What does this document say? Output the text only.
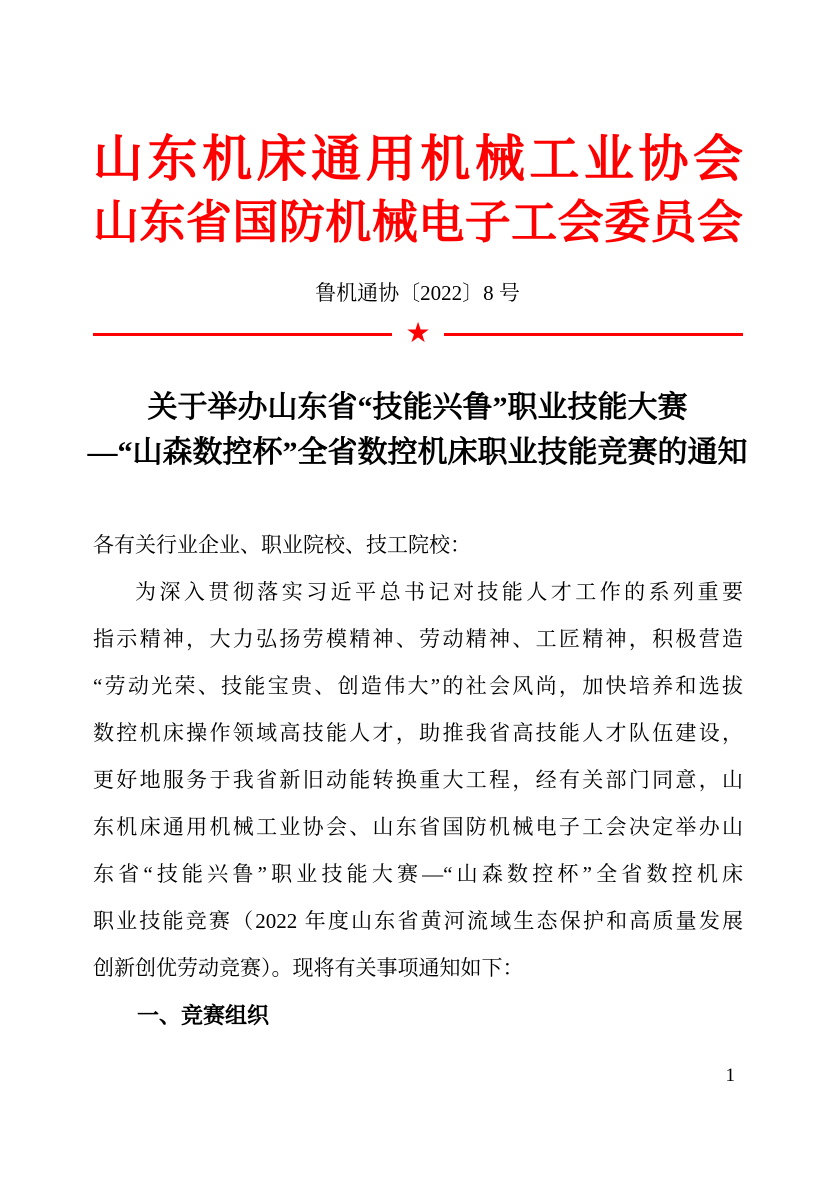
山东机床通用机械工业协会
山东省国防机械电子工会委员会
鲁机通协〔2022〕8 号
★
关于举办山东省“技能兴鲁”职业技能大赛
—“山森数控杯”全省数控机床职业技能竞赛的通知
各有关行业企业、职业院校、技工院校：
为深入贯彻落实习近平总书记对技能人才工作的系列重要
指示精神，大力弘扬劳模精神、劳动精神、工匠精神，积极营造
“劳动光荣、技能宝贵、创造伟大”的社会风尚，加快培养和选拔
数控机床操作领域高技能人才，助推我省高技能人才队伍建设，
更好地服务于我省新旧动能转换重大工程，经有关部门同意，山
东机床通用机械工业协会、山东省国防机械电子工会决定举办山
东省“技能兴鲁”职业技能大赛—“山森数控杯”全省数控机床
职业技能竞赛（2022 年度山东省黄河流域生态保护和高质量发展
创新创优劳动竞赛）。现将有关事项通知如下：
一、竞赛组织
1
